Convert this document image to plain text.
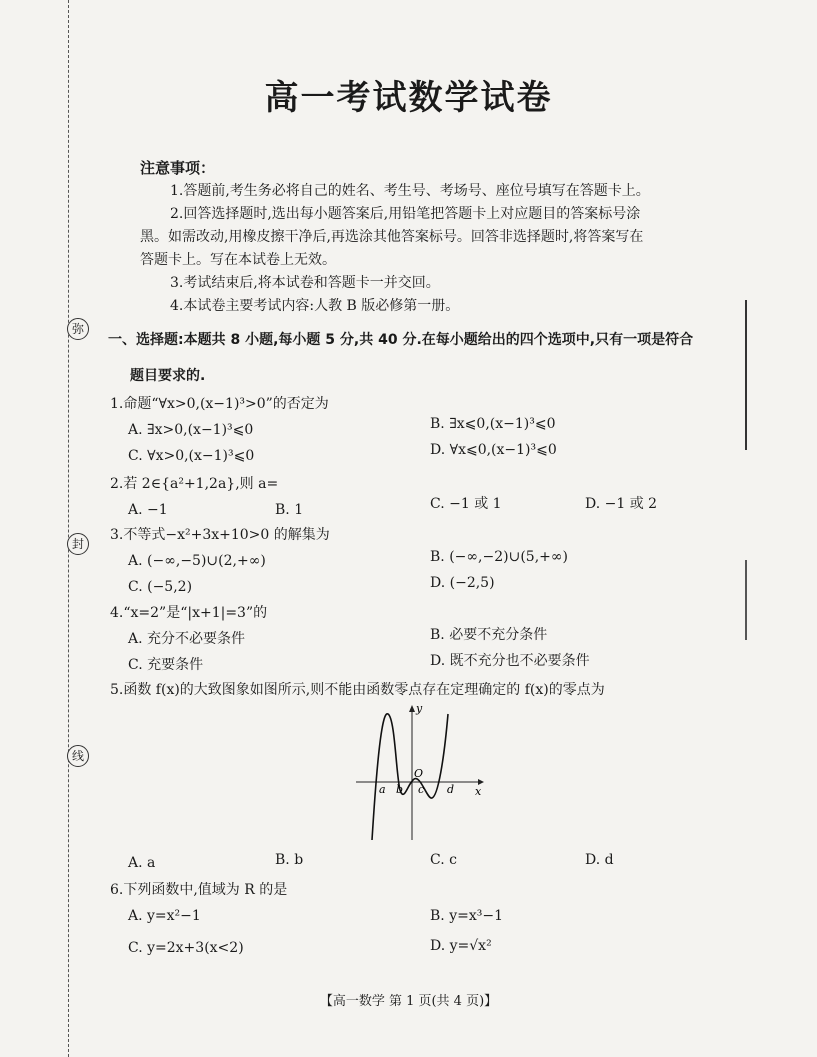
弥
封
线
高一考试数学试卷
注意事项：
1.答题前,考生务必将自己的姓名、考生号、考场号、座位号填写在答题卡上。
2.回答选择题时,选出每小题答案后,用铅笔把答题卡上对应题目的答案标号涂
黑。如需改动,用橡皮擦干净后,再选涂其他答案标号。回答非选择题时,将答案写在
答题卡上。写在本试卷上无效。
3.考试结束后,将本试卷和答题卡一并交回。
4.本试卷主要考试内容:人教 B 版必修第一册。
一、选择题:本题共 8 小题,每小题 5 分,共 40 分.在每小题给出的四个选项中,只有一项是符合
题目要求的.
1.命题“∀x>0,(x−1)³>0”的否定为
A. ∃x>0,(x−1)³⩽0	B. ∃x⩽0,(x−1)³⩽0
C. ∀x>0,(x−1)³⩽0	D. ∀x⩽0,(x−1)³⩽0
2.若 2∈{a²+1,2a},则 a=
A. −1	B. 1	C. −1 或 1	D. −1 或 2
3.不等式−x²+3x+10>0 的解集为
A. (−∞,−5)∪(2,+∞)	B. (−∞,−2)∪(5,+∞)
C. (−5,2)	D. (−2,5)
4.“x=2”是“|x+1|=3”的
A. 充分不必要条件	B. 必要不充分条件
C. 充要条件	D. 既不充分也不必要条件
5.函数 f(x)的大致图象如图所示,则不能由函数零点存在定理确定的 f(x)的零点为
y
x
O
a b c d
A. a	B. b	C. c	D. d
6.下列函数中,值域为 R 的是
A. y=x²−1	B. y=x³−1
C. y=2x+3(x<2)	D. y=√x²
【高一数学 第 1 页(共 4 页)】
